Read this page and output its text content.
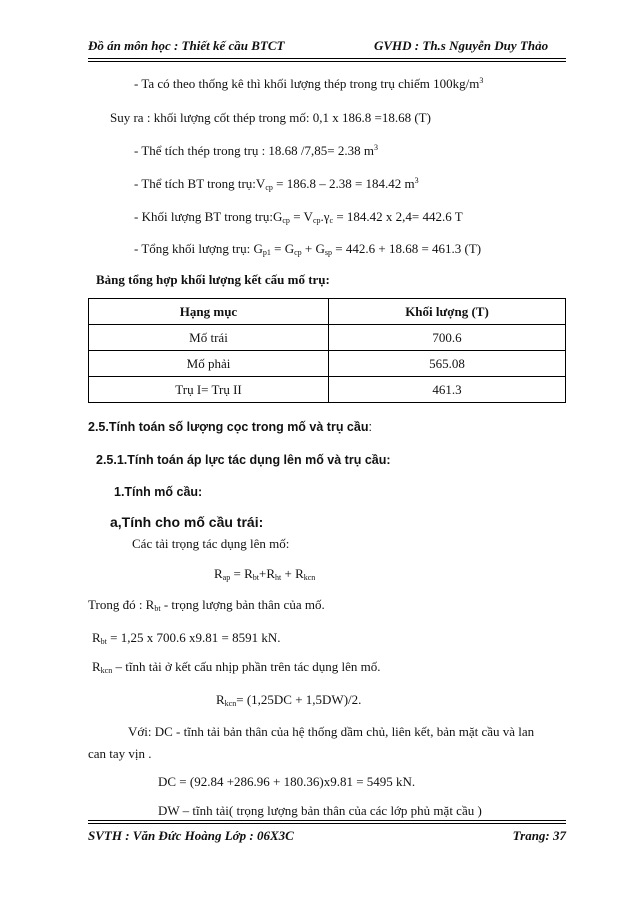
Đồ án môn học : Thiết kế cầu BTCT	GVHD : Th.s Nguyễn Duy Thảo
- Ta có theo thống kê thì khối lượng thép trong trụ chiếm $100kg/m^3$
Suy ra : khối lượng cốt thép trong mố: 0,1 x 186.8 =18.68 (T)
- Thể tích thép trong trụ : 18.68 /7,85= 2.38 $m^3$
- Thể tích BT trong $trụ:V_{cp} = 186.8 - 2.38 = 184.42$ $m^3$
- Khối lượng BT trong $trụ:G_{cp} = V_{cp}.\gamma_c = 184.42$ x 2,4= 442.6 T
- Tổng khối lượng trụ: $G_{p1} = G_{cp} + G_{sp} = 442.6 + 18.68 = 461.3$ (T)
Bảng tổng hợp khối lượng kết cấu mố trụ:
Hạng mục	Khối lượng (T)
Mố trái	700.6
Mố phải	565.08
Trụ I= Trụ II	461.3
2.5.Tính toán số lượng cọc trong mố và trụ cầu:
2.5.1.Tính toán áp lực tác dụng lên mố và trụ cầu:
1.Tính mố cầu:
a,Tính cho mố cầu trái:
Các tải trọng tác dụng lên mố:
$R_{ap} = R_{bt}+R_{ht} + R_{kcn}$
Trong đó : $R_{bt}$ - trọng lượng bản thân của mố.
$R_{bt} = 1,25$ x 700.6 x9.81 = 8591 kN.
$R_{kcn}$ – tĩnh tải ở kết cấu nhịp phần trên tác dụng lên mố.
$R_{kcn}= (1,25DC + 1,5DW)/2$.
Với: DC - tĩnh tải bản thân của hệ thống dầm chủ, liên kết, bản mặt cầu và lan
can tay vịn .
DC = (92.84 +286.96 + 180.36)x9.81 = 5495 kN.
DW – tĩnh tải( trọng lượng bản thân của các lớp phủ mặt cầu )
SVTH : Văn Đức Hoàng Lớp : 06X3C	Trang: 37
